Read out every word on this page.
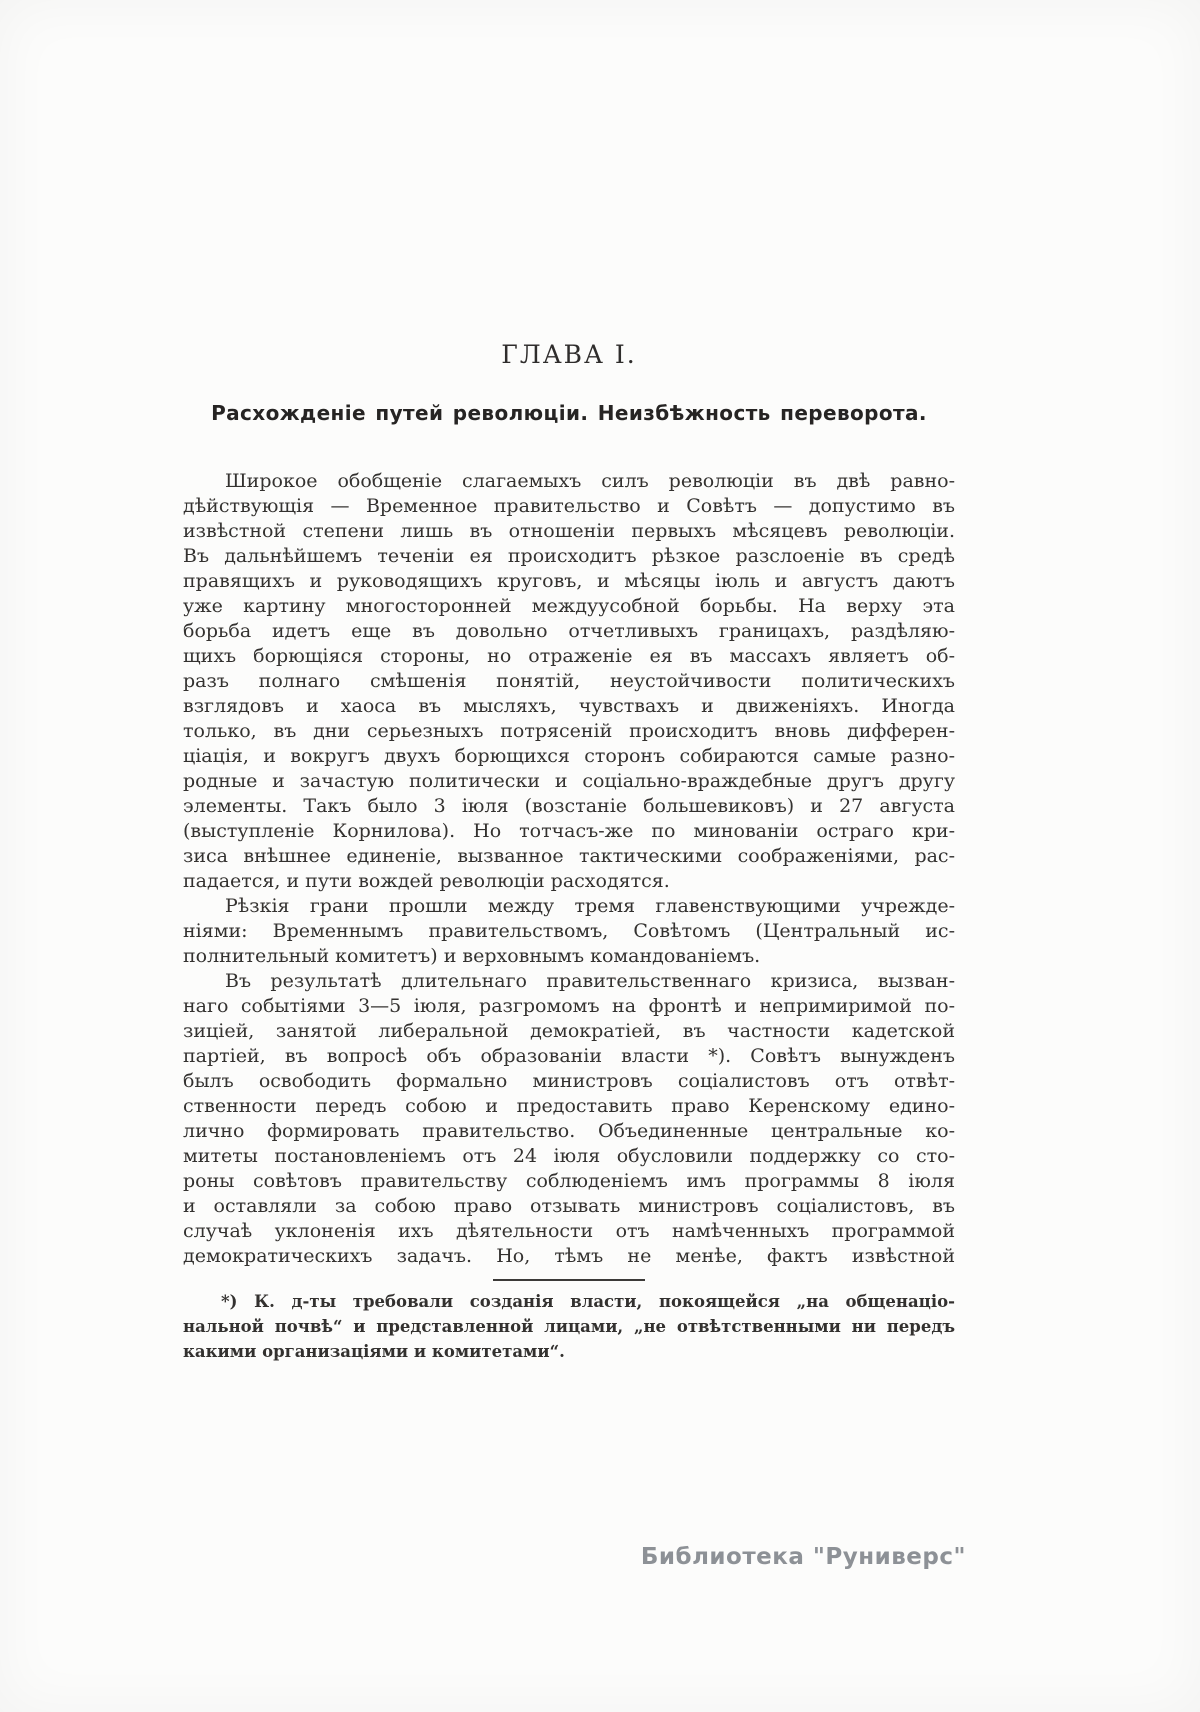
ГЛАВА I.
Расхожденіе путей революціи. Неизбѣжность переворота.
Широкое обобщеніе слагаемыхъ силъ революціи въ двѣ равно-
дѣйствующія — Временное правительство и Совѣтъ — допустимо въ
извѣстной степени лишь въ отношеніи первыхъ мѣсяцевъ революціи.
Въ дальнѣйшемъ теченіи ея происходитъ рѣзкое разслоеніе въ средѣ
правящихъ и руководящихъ круговъ, и мѣсяцы іюль и августъ даютъ
уже картину многосторонней междуусобной борьбы. На верху эта
борьба идетъ еще въ довольно отчетливыхъ границахъ, раздѣляю-
щихъ борющіяся стороны, но отраженіе ея въ массахъ являетъ об-
разъ полнаго смѣшенія понятій, неустойчивости политическихъ
взглядовъ и хаоса въ мысляхъ, чувствахъ и движеніяхъ. Иногда
только, въ дни серьезныхъ потрясеній происходитъ вновь дифферен-
ціація, и вокругъ двухъ борющихся сторонъ собираются самые разно-
родные и зачастую политически и соціально-враждебные другъ другу
элементы. Такъ было 3 іюля (возстаніе большевиковъ) и 27 августа
(выступленіе Корнилова). Но тотчасъ-же по минованіи остраго кри-
зиса внѣшнее единеніе, вызванное тактическими соображеніями, рас-
падается, и пути вождей революціи расходятся.
Рѣзкія грани прошли между тремя главенствующими учрежде-
ніями: Временнымъ правительствомъ, Совѣтомъ (Центральный ис-
полнительный комитетъ) и верховнымъ командованіемъ.
Въ результатѣ длительнаго правительственнаго кризиса, вызван-
наго событіями 3—5 іюля, разгромомъ на фронтѣ и непримиримой по-
зиціей, занятой либеральной демократіей, въ частности кадетской
партіей, въ вопросѣ объ образованіи власти *). Совѣтъ вынужденъ
былъ освободить формально министровъ соціалистовъ отъ отвѣт-
ственности передъ собою и предоставить право Керенскому едино-
лично формировать правительство. Объединенные центральные ко-
митеты постановленіемъ отъ 24 іюля обусловили поддержку со сто-
роны совѣтовъ правительству соблюденіемъ имъ программы 8 іюля
и оставляли за собою право отзывать министровъ соціалистовъ, въ
случаѣ уклоненія ихъ дѣятельности отъ намѣченныхъ программой
демократическихъ задачъ. Но, тѣмъ не менѣе, фактъ извѣстной
*) К. д-ты требовали созданія власти, покоящейся „на общенаціо-
нальной почвѣ“ и представленной лицами, „не отвѣтственными ни передъ
какими организаціями и комитетами“.
Библиотека "Руниверс"
